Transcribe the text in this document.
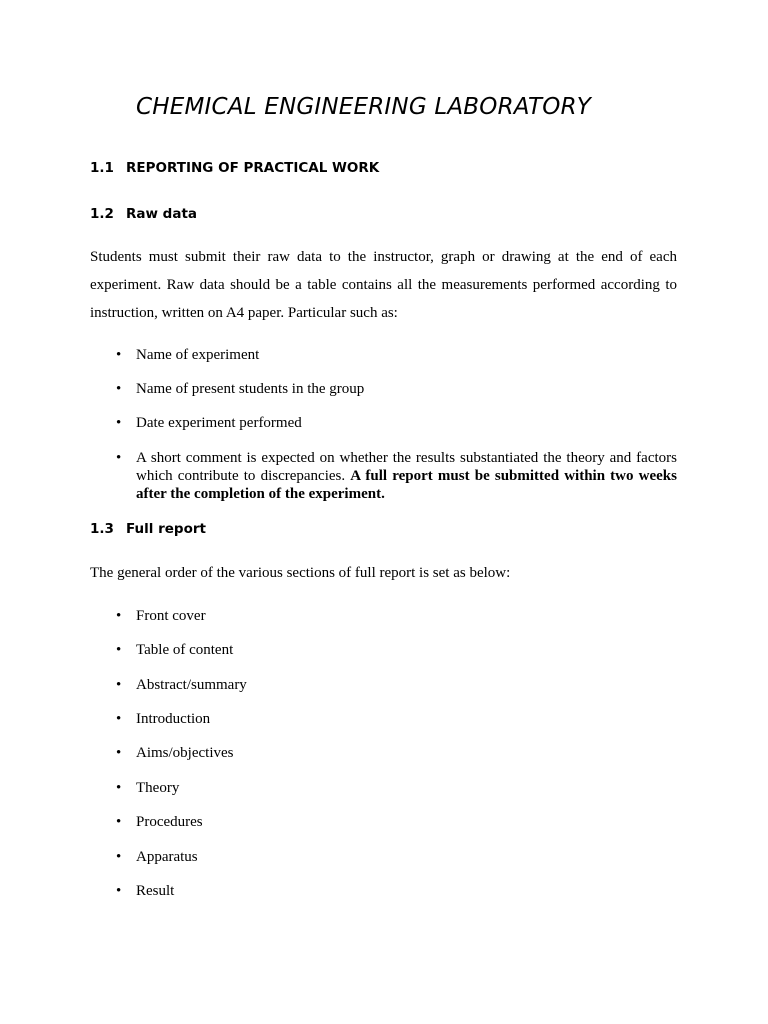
CHEMICAL ENGINEERING LABORATORY
1.1 REPORTING OF PRACTICAL WORK
1.2 Raw data
Students must submit their raw data to the instructor, graph or drawing at the end of each experiment. Raw data should be a table contains all the measurements performed according to instruction, written on A4 paper. Particular such as:
• Name of experiment
• Name of present students in the group
• Date experiment performed
• A short comment is expected on whether the results substantiated the theory and factors which contribute to discrepancies. A full report must be submitted within two weeks after the completion of the experiment.
1.3 Full report
The general order of the various sections of full report is set as below:
• Front cover
• Table of content
• Abstract/summary
• Introduction
• Aims/objectives
• Theory
• Procedures
• Apparatus
• Result
